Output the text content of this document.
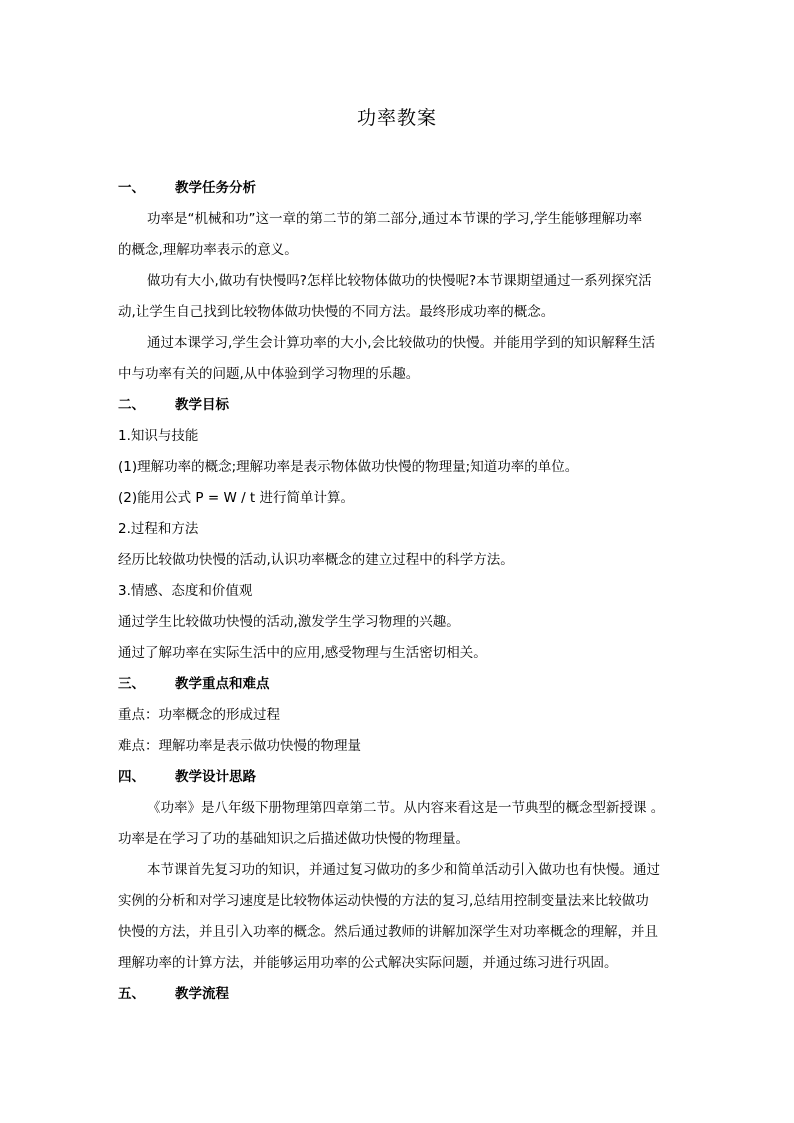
功率教案
一、 教学任务分析
功率是“机械和功”这一章的第二节的第二部分,通过本节课的学习,学生能够理解功率
的概念,理解功率表示的意义。
做功有大小,做功有快慢吗?怎样比较物体做功的快慢呢?本节课期望通过一系列探究活
动,让学生自己找到比较物体做功快慢的不同方法。最终形成功率的概念。
通过本课学习,学生会计算功率的大小,会比较做功的快慢。并能用学到的知识解释生活
中与功率有关的问题,从中体验到学习物理的乐趣。
二、 教学目标
1.知识与技能
(1)理解功率的概念;理解功率是表示物体做功快慢的物理量;知道功率的单位。
(2)能用公式 P = W / t 进行简单计算。
2.过程和方法
经历比较做功快慢的活动,认识功率概念的建立过程中的科学方法。
3.情感、态度和价值观
通过学生比较做功快慢的活动,激发学生学习物理的兴趣。
通过了解功率在实际生活中的应用,感受物理与生活密切相关。
三、 教学重点和难点
重点：功率概念的形成过程
难点：理解功率是表示做功快慢的物理量
四、 教学设计思路
《功率》是八年级下册物理第四章第二节。从内容来看这是一节典型的概念型新授课 。
功率是在学习了功的基础知识之后描述做功快慢的物理量。
本节课首先复习功的知识，并通过复习做功的多少和简单活动引入做功也有快慢。通过
实例的分析和对学习速度是比较物体运动快慢的方法的复习,总结用控制变量法来比较做功
快慢的方法，并且引入功率的概念。然后通过教师的讲解加深学生对功率概念的理解，并且
理解功率的计算方法，并能够运用功率的公式解决实际问题，并通过练习进行巩固。
五、 教学流程
